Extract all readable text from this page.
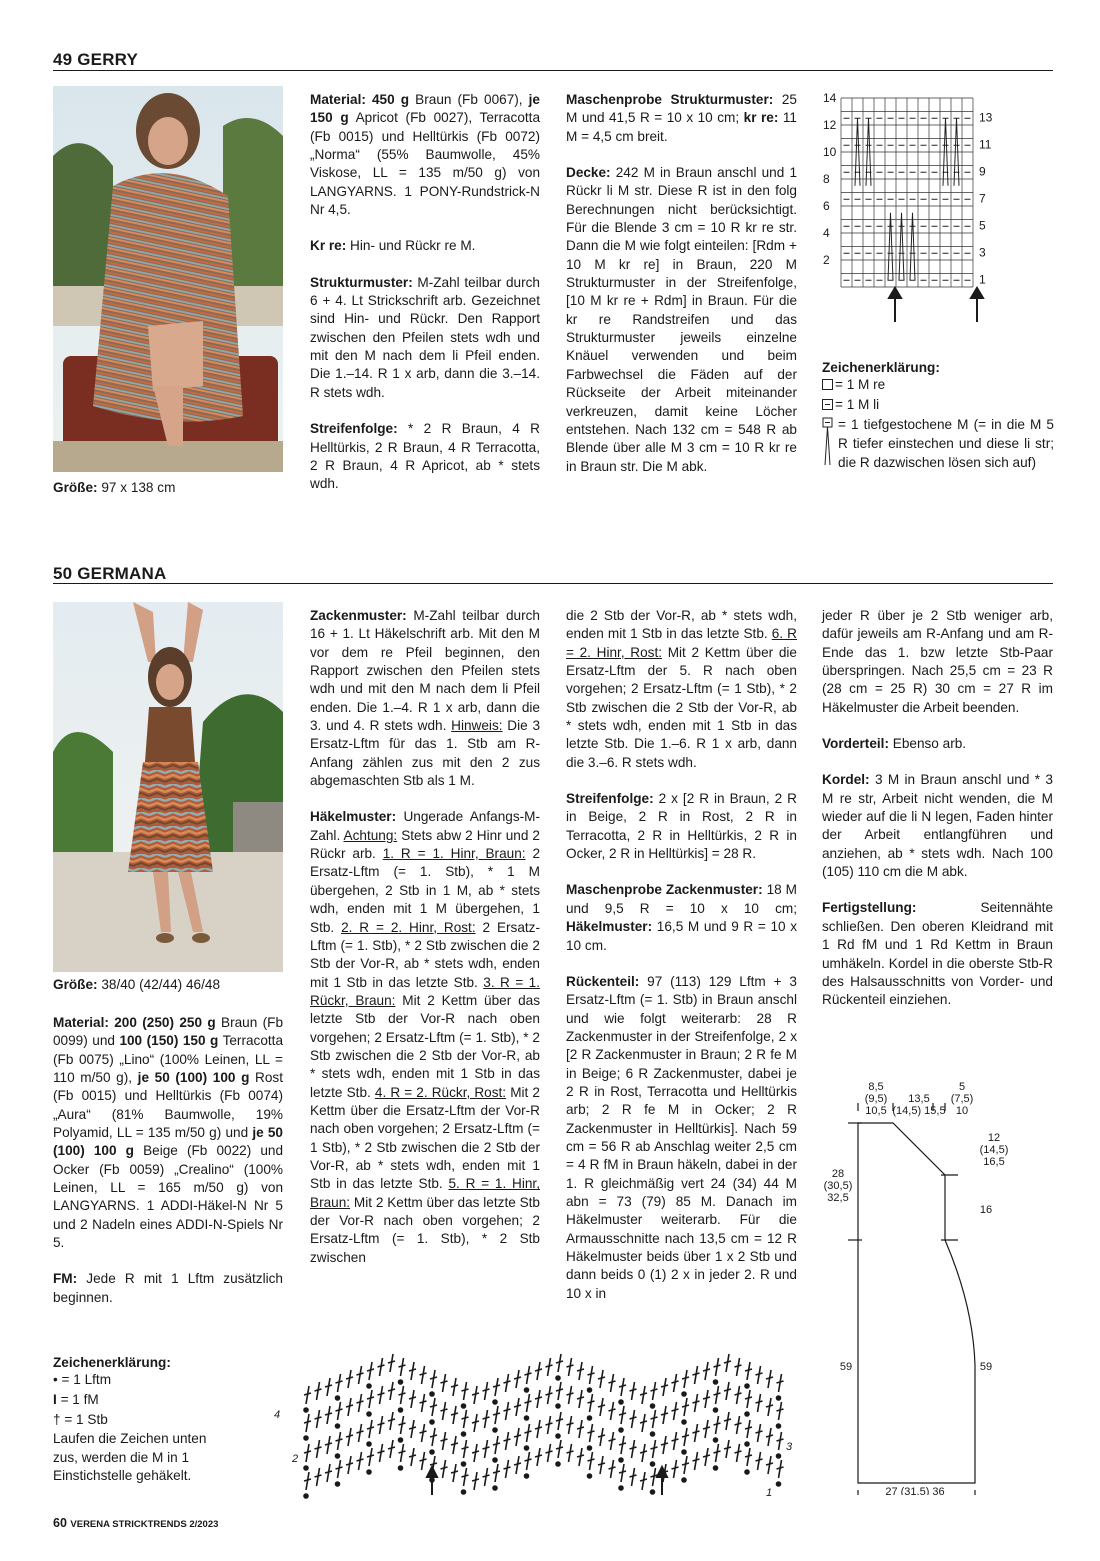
49 GERRY
Größe: 97 x 138 cm

Material: 450 g Braun (Fb 0067), je 150 g Apricot (Fb 0027), Terracotta (Fb 0015) und Helltürkis (Fb 0072) „Norma“ (55% Baumwolle, 45% Viskose, LL = 135 m/50 g) von LANGYARNS. 1 PONY-Rundstrick-N Nr 4,5.

Kr re: Hin- und Rückr re M.

Strukturmuster: M-Zahl teilbar durch 6 + 4. Lt Strickschrift arb. Gezeichnet sind Hin- und Rückr. Den Rapport zwischen den Pfeilen stets wdh und mit den M nach dem li Pfeil enden. Die 1.–14. R 1 x arb, dann die 3.–14. R stets wdh.

Streifenfolge: * 2 R Braun, 4 R Helltürkis, 2 R Braun, 4 R Terracotta, 2 R Braun, 4 R Apricot, ab * stets wdh.

Maschenprobe Strukturmuster: 25 M und 41,5 R = 10 x 10 cm; kr re: 11 M = 4,5 cm breit.

Decke: 242 M in Braun anschl und 1 Rückr li M str. Diese R ist in den folg Berechnungen nicht berücksichtigt. Für die Blende 3 cm = 10 R kr re str. Dann die M wie folgt einteilen: [Rdm + 10 M kr re] in Braun, 220 M Strukturmuster in der Streifenfolge, [10 M kr re + Rdm] in Braun. Für die kr re Randstreifen und das Strukturmuster jeweils einzelne Knäuel verwenden und beim Farbwechsel die Fäden auf der Rückseite der Arbeit miteinander verkreuzen, damit keine Löcher entstehen. Nach 132 cm = 548 R ab Blende über alle M 3 cm = 10 R kr re in Braun str. Die M abk.

14
12
10
8
6
4
2
13
11
9
7
5
3
1
Zeichenerklärung:
= 1 M re
= 1 M li
= 1 tiefgestochene M (= in die M 5 R tiefer einstechen und diese li str; die R dazwischen lösen sich auf)
50 GERMANA
Größe: 38/40 (42/44) 46/48

Material: 200 (250) 250 g Braun (Fb 0099) und 100 (150) 150 g Terracotta (Fb 0075) „Lino“ (100% Leinen, LL = 110 m/50 g), je 50 (100) 100 g Rost (Fb 0015) und Helltürkis (Fb 0074) „Aura“ (81% Baumwolle, 19% Polyamid, LL = 135 m/50 g) und je 50 (100) 100 g Beige (Fb 0022) und Ocker (Fb 0059) „Crealino“ (100% Leinen, LL = 165 m/50 g) von LANGYARNS. 1 ADDI-Häkel-N Nr 5 und 2 Nadeln eines ADDI-N-Spiels Nr 5.

FM: Jede R mit 1 Lftm zusätzlich beginnen.

Zackenmuster: M-Zahl teilbar durch 16 + 1. Lt Häkelschrift arb. Mit den M vor dem re Pfeil beginnen, den Rapport zwischen den Pfeilen stets wdh und mit den M nach dem li Pfeil enden. Die 1.–4. R 1 x arb, dann die 3. und 4. R stets wdh. Hinweis: Die 3 Ersatz-Lftm für das 1. Stb am R-Anfang zählen zus mit den 2 zus abgemaschten Stb als 1 M.

Häkelmuster: Ungerade Anfangs-M-Zahl. Achtung: Stets abw 2 Hinr und 2 Rückr arb. 1. R = 1. Hinr, Braun: 2 Ersatz-Lftm (= 1. Stb), * 1 M übergehen, 2 Stb in 1 M, ab * stets wdh, enden mit 1 M übergehen, 1 Stb. 2. R = 2. Hinr, Rost: 2 Ersatz-Lftm (= 1. Stb), * 2 Stb zwischen die 2 Stb der Vor-R, ab * stets wdh, enden mit 1 Stb in das letzte Stb. 3. R = 1. Rückr, Braun: Mit 2 Kettm über das letzte Stb der Vor-R nach oben vorgehen; 2 Ersatz-Lftm (= 1. Stb), * 2 Stb zwischen die 2 Stb der Vor-R, ab * stets wdh, enden mit 1 Stb in das letzte Stb. 4. R = 2. Rückr, Rost: Mit 2 Kettm über die Ersatz-Lftm der Vor-R nach oben vorgehen; 2 Ersatz-Lftm (= 1 Stb), * 2 Stb zwischen die 2 Stb der Vor-R, ab * stets wdh, enden mit 1 Stb in das letzte Stb. 5. R = 1. Hinr, Braun: Mit 2 Kettm über das letzte Stb der Vor-R nach oben vorgehen; 2 Ersatz-Lftm (= 1. Stb), * 2 Stb zwischen

die 2 Stb der Vor-R, ab * stets wdh, enden mit 1 Stb in das letzte Stb. 6. R = 2. Hinr, Rost: Mit 2 Kettm über die Ersatz-Lftm der 5. R nach oben vorgehen; 2 Ersatz-Lftm (= 1 Stb), * 2 Stb zwischen die 2 Stb der Vor-R, ab * stets wdh, enden mit 1 Stb in das letzte Stb. Die 1.–6. R 1 x arb, dann die 3.–6. R stets wdh.

Streifenfolge: 2 x [2 R in Braun, 2 R in Beige, 2 R in Rost, 2 R in Terracotta, 2 R in Helltürkis, 2 R in Ocker, 2 R in Helltürkis] = 28 R.

Maschenprobe Zackenmuster: 18 M und 9,5 R = 10 x 10 cm; Häkelmuster: 16,5 M und 9 R = 10 x 10 cm.

Rückenteil: 97 (113) 129 Lftm + 3 Ersatz-Lftm (= 1. Stb) in Braun anschl und wie folgt weiterarb: 28 R Zackenmuster in der Streifenfolge, 2 x [2 R Zackenmuster in Braun; 2 R fe M in Beige; 6 R Zackenmuster, dabei je 2 R in Rost, Terracotta und Helltürkis arb; 2 R fe M in Ocker; 2 R Zackenmuster in Helltürkis]. Nach 59 cm = 56 R ab Anschlag weiter 2,5 cm = 4 R fM in Braun häkeln, dabei in der 1. R gleichmäßig vert 24 (34) 44 M abn = 73 (79) 85 M. Danach im Häkelmuster weiterarb. Für die Armausschnitte nach 13,5 cm = 12 R Häkelmuster beids über 1 x 2 Stb und dann beids 0 (1) 2 x in jeder 2. R und 10 x in

jeder R über je 2 Stb weniger arb, dafür jeweils am R-Anfang und am R-Ende das 1. bzw letzte Stb-Paar überspringen. Nach 25,5 cm = 23 R (28 cm = 25 R) 30 cm = 27 R im Häkelmuster die Arbeit beenden.

Vorderteil: Ebenso arb.

Kordel: 3 M in Braun anschl und * 3 M re str, Arbeit nicht wenden, die M wieder auf die li N legen, Faden hinter der Arbeit entlangführen und anziehen, ab * stets wdh. Nach 100 (105) 110 cm die M abk.

Fertigstellung:	Seitennähte schließen. Den oberen Kleidrand mit 1 Rd fM und 1 Rd Kettm in Braun umhäkeln. Kordel in die oberste Stb-R des Halsausschnitts von Vorder- und Rückenteil einziehen.

8,5
(9,5)
10,5
13,5
(14,5) 15,5
5
(7,5)
10
12
(14,5)
16,5
16
28
(30,5)
32,5
59	59
27 (31,5) 36
Zeichenerklärung:
• = 1 Lftm
I = 1 fM
† = 1 Stb
Laufen die Zeichen unten zus, werden die M in 1 Einstichstelle gehäkelt.
4
3
2
1
60 VERENA STRICKTRENDS 2/2023
